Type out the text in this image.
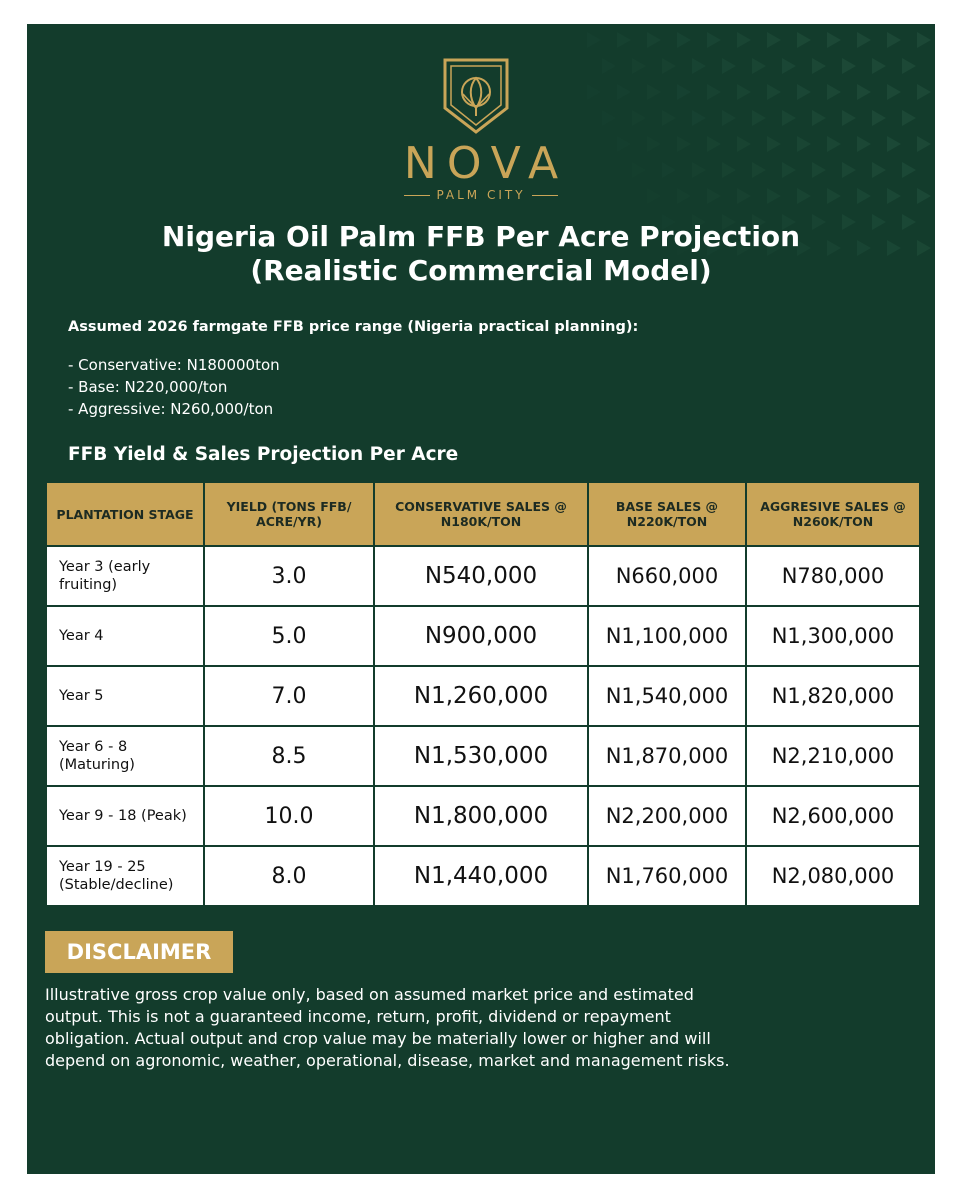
NOVA
PALM CITY
Nigeria Oil Palm FFB Per Acre Projection
(Realistic Commercial Model)
Assumed 2026 farmgate FFB price range (Nigeria practical planning):
- Conservative: N180000ton
- Base: N220,000/ton
- Aggressive: N260,000/ton
FFB Yield & Sales Projection Per Acre
PLANTATION STAGE	YIELD (TONS FFB/ ACRE/YR)	CONSERVATIVE SALES @ N180K/TON	BASE SALES @ N220K/TON	AGGRESIVE SALES @ N260K/TON
Year 3 (early fruiting)	3.0	N540,000	N660,000	N780,000
Year 4	5.0	N900,000	N1,100,000	N1,300,000
Year 5	7.0	N1,260,000	N1,540,000	N1,820,000
Year 6 - 8 (Maturing)	8.5	N1,530,000	N1,870,000	N2,210,000
Year 9 - 18 (Peak)	10.0	N1,800,000	N2,200,000	N2,600,000
Year 19 - 25 (Stable/decline)	8.0	N1,440,000	N1,760,000	N2,080,000
DISCLAIMER
Illustrative gross crop value only, based on assumed market price and estimated output. This is not a guaranteed income, return, profit, dividend or repayment obligation. Actual output and crop value may be materially lower or higher and will depend on agronomic, weather, operational, disease, market and management risks.
